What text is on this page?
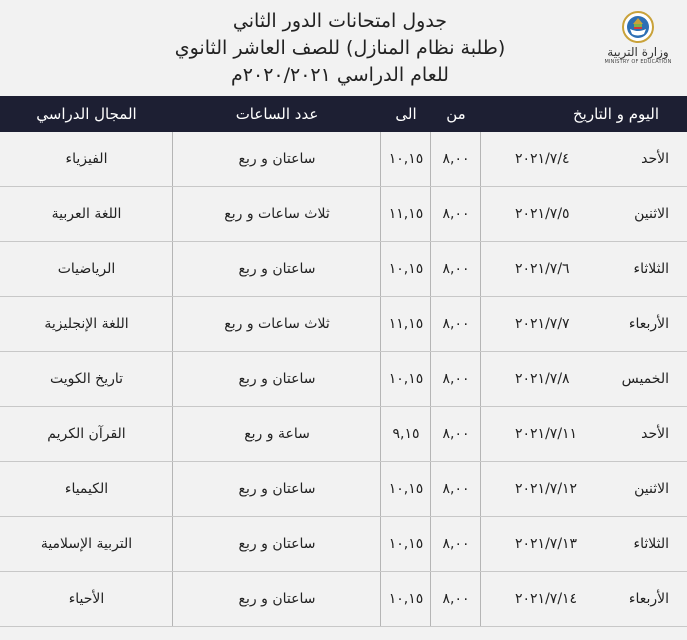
جدول امتحانات الدور الثاني
(طلبة نظام المنازل) للصف العاشر الثانوي
للعام الدراسي ٢٠٢٠/٢٠٢١م
وزارة التربية
MINISTRY OF EDUCATION
اليوم و التاريخ
من
الى
عدد الساعات
المجال الدراسي
الأحد
٢٠٢١/٧/٤
٨,٠٠
١٠,١٥
ساعتان و ربع
الفيزياء
الاثنين
٢٠٢١/٧/٥
٨,٠٠
١١,١٥
ثلاث ساعات و ربع
اللغة العربية
الثلاثاء
٢٠٢١/٧/٦
٨,٠٠
١٠,١٥
ساعتان و ربع
الرياضيات
الأربعاء
٢٠٢١/٧/٧
٨,٠٠
١١,١٥
ثلاث ساعات و ربع
اللغة الإنجليزية
الخميس
٢٠٢١/٧/٨
٨,٠٠
١٠,١٥
ساعتان و ربع
تاريخ الكويت
الأحد
٢٠٢١/٧/١١
٨,٠٠
٩,١٥
ساعة و ربع
القرآن الكريم
الاثنين
٢٠٢١/٧/١٢
٨,٠٠
١٠,١٥
ساعتان و ربع
الكيمياء
الثلاثاء
٢٠٢١/٧/١٣
٨,٠٠
١٠,١٥
ساعتان و ربع
التربية الإسلامية
الأربعاء
٢٠٢١/٧/١٤
٨,٠٠
١٠,١٥
ساعتان و ربع
الأحياء
